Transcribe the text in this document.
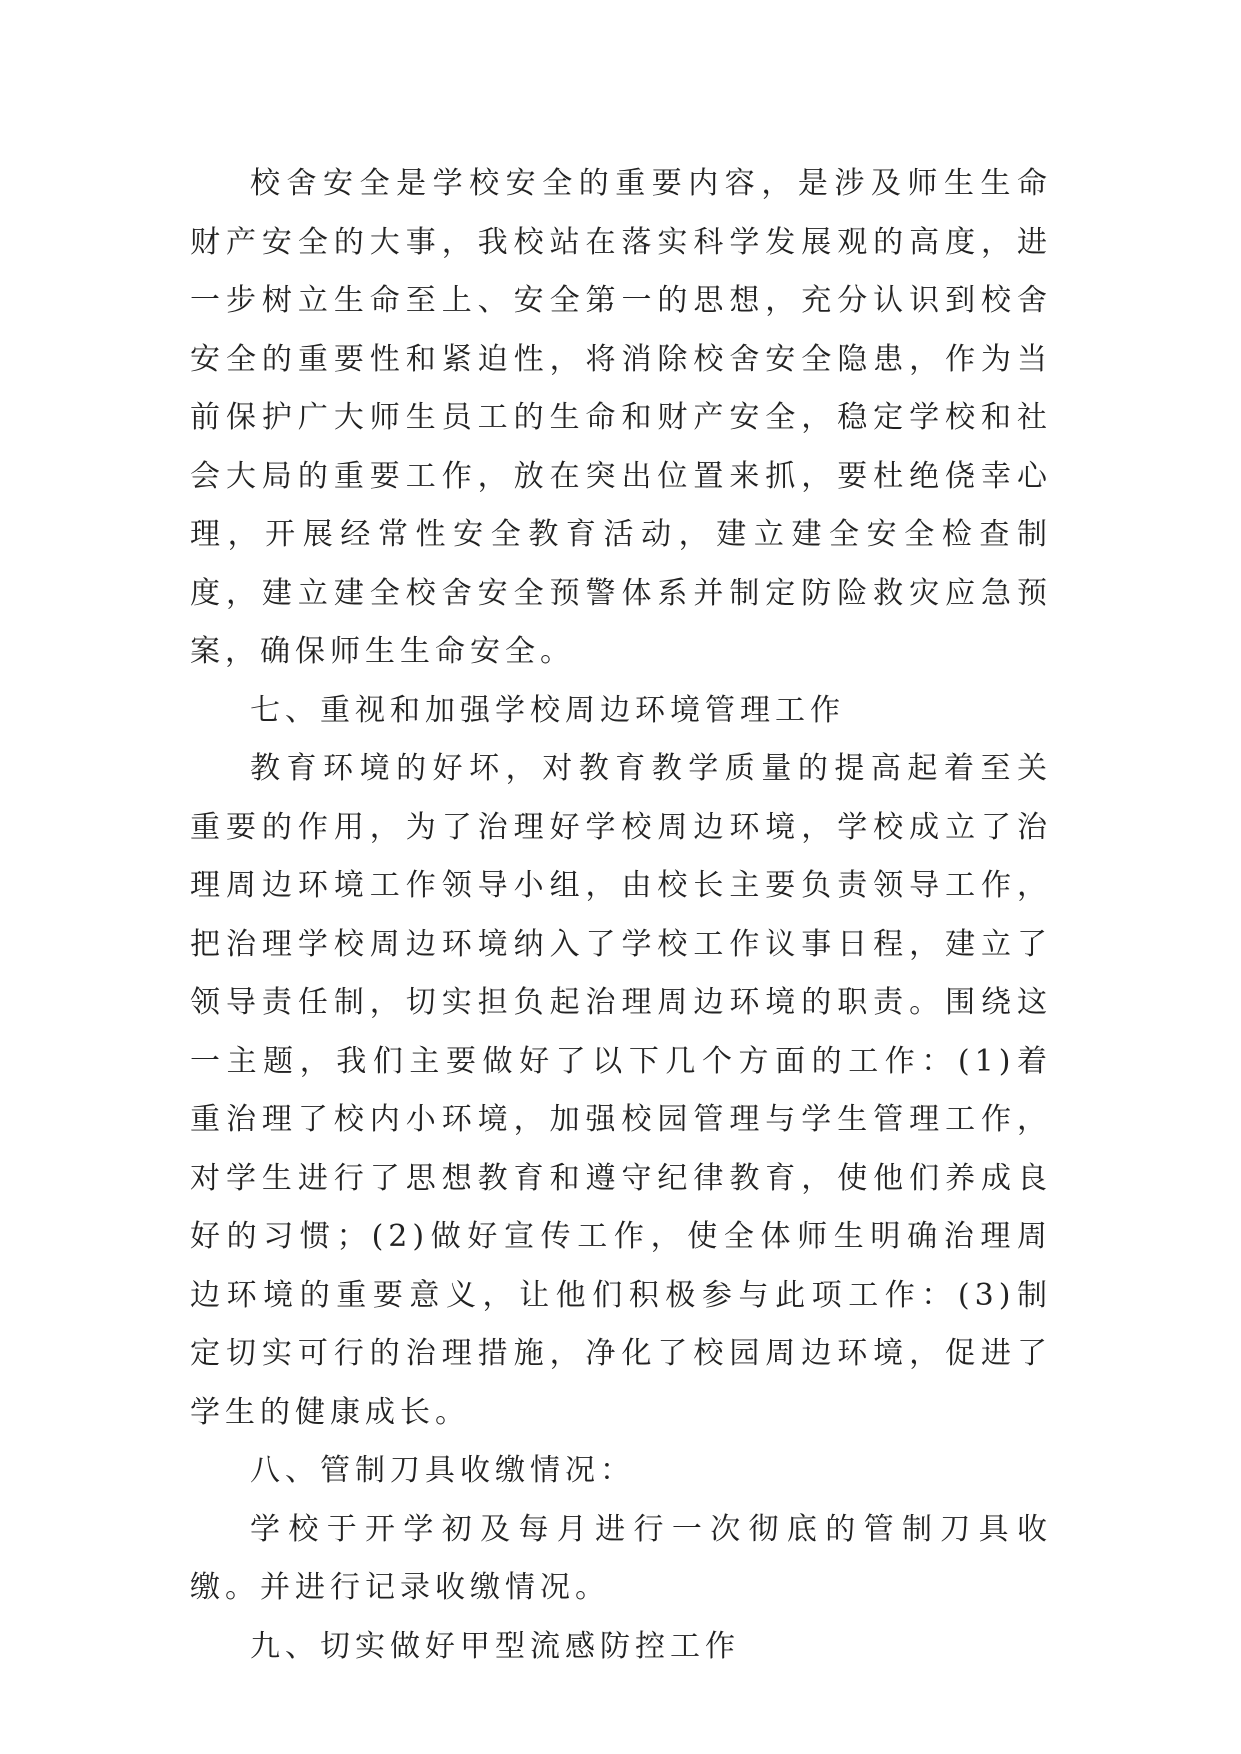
校舍安全是学校安全的重要内容，是涉及师生生命财产安全的大事，我校站在落实科学发展观的高度，进一步树立生命至上、安全第一的思想，充分认识到校舍安全的重要性和紧迫性，将消除校舍安全隐患，作为当前保护广大师生员工的生命和财产安全，稳定学校和社会大局的重要工作，放在突出位置来抓，要杜绝侥幸心理，开展经常性安全教育活动，建立建全安全检查制度，建立建全校舍安全预警体系并制定防险救灾应急预案，确保师生生命安全。

七、重视和加强学校周边环境管理工作

教育环境的好坏，对教育教学质量的提高起着至关重要的作用，为了治理好学校周边环境，学校成立了治理周边环境工作领导小组，由校长主要负责领导工作，把治理学校周边环境纳入了学校工作议事日程，建立了领导责任制，切实担负起治理周边环境的职责。围绕这一主题，我们主要做好了以下几个方面的工作：(1)着重治理了校内小环境，加强校园管理与学生管理工作，对学生进行了思想教育和遵守纪律教育，使他们养成良好的习惯；(2)做好宣传工作，使全体师生明确治理周边环境的重要意义，让他们积极参与此项工作：(3)制定切实可行的治理措施，净化了校园周边环境，促进了学生的健康成长。

八、管制刀具收缴情况：

学校于开学初及每月进行一次彻底的管制刀具收缴。并进行记录收缴情况。

九、切实做好甲型流感防控工作
